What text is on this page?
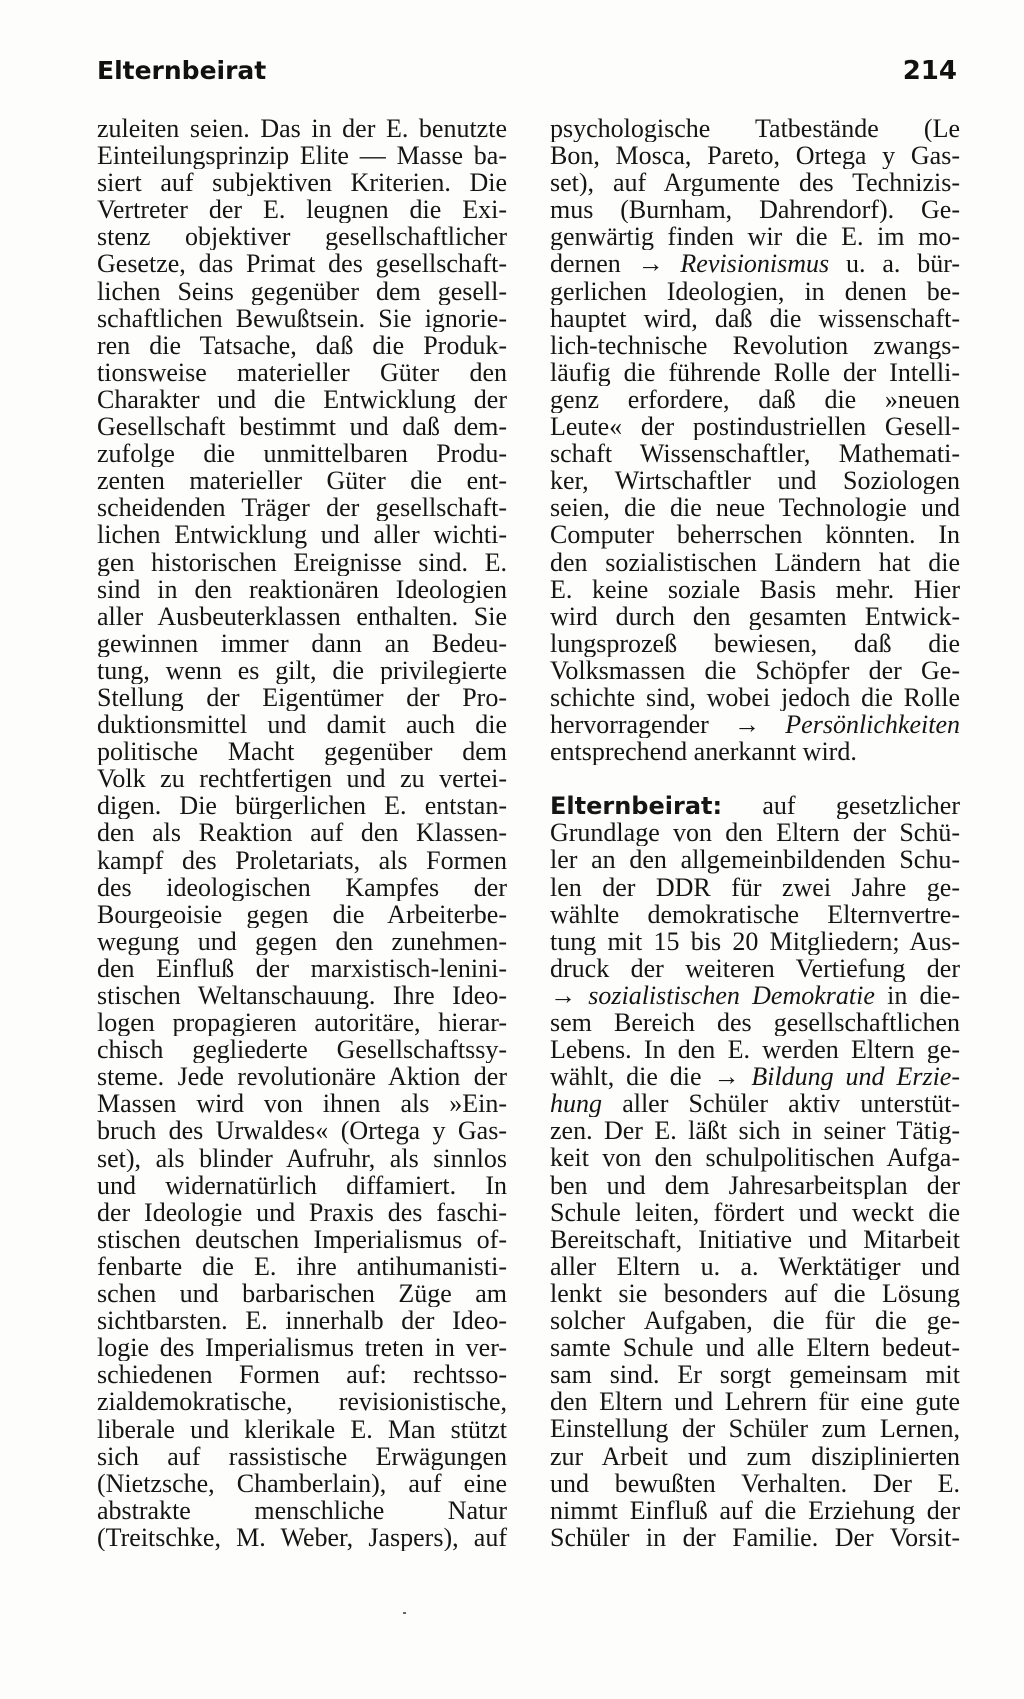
Elternbeirat	214
zuleiten seien. Das in der E. benutzte
Einteilungsprinzip Elite — Masse ba-
siert auf subjektiven Kriterien. Die
Vertreter der E. leugnen die Exi-
stenz objektiver gesellschaftlicher
Gesetze, das Primat des gesellschaft-
lichen Seins gegenüber dem gesell-
schaftlichen Bewußtsein. Sie ignorie-
ren die Tatsache, daß die Produk-
tionsweise materieller Güter den
Charakter und die Entwicklung der
Gesellschaft bestimmt und daß dem-
zufolge die unmittelbaren Produ-
zenten materieller Güter die ent-
scheidenden Träger der gesellschaft-
lichen Entwicklung und aller wichti-
gen historischen Ereignisse sind. E.
sind in den reaktionären Ideologien
aller Ausbeuterklassen enthalten. Sie
gewinnen immer dann an Bedeu-
tung, wenn es gilt, die privilegierte
Stellung der Eigentümer der Pro-
duktionsmittel und damit auch die
politische Macht gegenüber dem
Volk zu rechtfertigen und zu vertei-
digen. Die bürgerlichen E. entstan-
den als Reaktion auf den Klassen-
kampf des Proletariats, als Formen
des ideologischen Kampfes der
Bourgeoisie gegen die Arbeiterbe-
wegung und gegen den zunehmen-
den Einfluß der marxistisch-lenini-
stischen Weltanschauung. Ihre Ideo-
logen propagieren autoritäre, hierar-
chisch gegliederte Gesellschaftssy-
steme. Jede revolutionäre Aktion der
Massen wird von ihnen als »Ein-
bruch des Urwaldes« (Ortega y Gas-
set), als blinder Aufruhr, als sinnlos
und widernatürlich diffamiert. In
der Ideologie und Praxis des faschi-
stischen deutschen Imperialismus of-
fenbarte die E. ihre antihumanisti-
schen und barbarischen Züge am
sichtbarsten. E. innerhalb der Ideo-
logie des Imperialismus treten in ver-
schiedenen Formen auf: rechtsso-
zialdemokratische, revisionistische,
liberale und klerikale E. Man stützt
sich auf rassistische Erwägungen
(Nietzsche, Chamberlain), auf eine
abstrakte menschliche Natur
(Treitschke, M. Weber, Jaspers), auf
psychologische Tatbestände (Le
Bon, Mosca, Pareto, Ortega y Gas-
set), auf Argumente des Technizis-
mus (Burnham, Dahrendorf). Ge-
genwärtig finden wir die E. im mo-
dernen → Revisionismus u. a. bür-
gerlichen Ideologien, in denen be-
hauptet wird, daß die wissenschaft-
lich-technische Revolution zwangs-
läufig die führende Rolle der Intelli-
genz erfordere, daß die »neuen
Leute« der postindustriellen Gesell-
schaft Wissenschaftler, Mathemati-
ker, Wirtschaftler und Soziologen
seien, die die neue Technologie und
Computer beherrschen könnten. In
den sozialistischen Ländern hat die
E. keine soziale Basis mehr. Hier
wird durch den gesamten Entwick-
lungsprozeß bewiesen, daß die
Volksmassen die Schöpfer der Ge-
schichte sind, wobei jedoch die Rolle
hervorragender → Persönlichkeiten
entsprechend anerkannt wird.
Elternbeirat: auf gesetzlicher
Grundlage von den Eltern der Schü-
ler an den allgemeinbildenden Schu-
len der DDR für zwei Jahre ge-
wählte demokratische Elternvertre-
tung mit 15 bis 20 Mitgliedern; Aus-
druck der weiteren Vertiefung der
→ sozialistischen Demokratie in die-
sem Bereich des gesellschaftlichen
Lebens. In den E. werden Eltern ge-
wählt, die die → Bildung und Erzie-
hung aller Schüler aktiv unterstüt-
zen. Der E. läßt sich in seiner Tätig-
keit von den schulpolitischen Aufga-
ben und dem Jahresarbeitsplan der
Schule leiten, fördert und weckt die
Bereitschaft, Initiative und Mitarbeit
aller Eltern u. a. Werktätiger und
lenkt sie besonders auf die Lösung
solcher Aufgaben, die für die ge-
samte Schule und alle Eltern bedeut-
sam sind. Er sorgt gemeinsam mit
den Eltern und Lehrern für eine gute
Einstellung der Schüler zum Lernen,
zur Arbeit und zum disziplinierten
und bewußten Verhalten. Der E.
nimmt Einfluß auf die Erziehung der
Schüler in der Familie. Der Vorsit-
